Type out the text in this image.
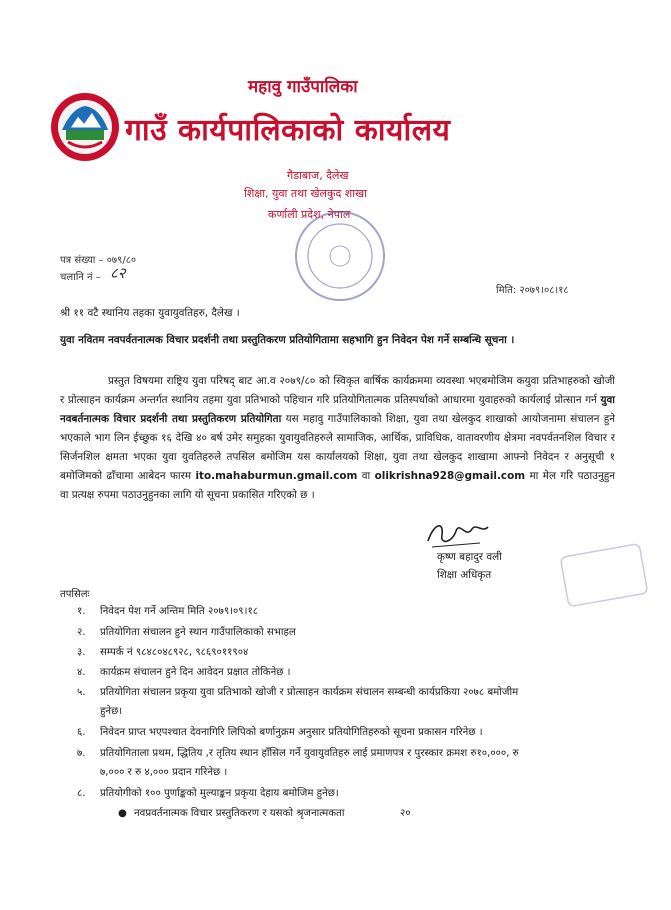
महावु गाउँपालिका
गाउँ कार्यपालिकाको कार्यालय
गैडाबाज, दैलेख
शिक्षा, युवा तथा खेलकुद शाखा
कर्णाली प्रदेश, नेपाल
पत्र संख्या – ०७९/८०
चलानि नं – ८२
मिति: २०७९।०८।१८
श्री ११ वटै स्थानिय तहका युवायुवतिहरु, दैलेख ।
युवा नवितम नवपर्वतनात्मक विचार प्रदर्शनी तथा प्रस्तुतिकरण प्रतियोगितामा सहभागि हुन निवेदन पेश गर्ने सम्बन्धि सूचना ।
प्रस्तुत विषयमा राष्ट्रिय युवा परिषद् बाट आ.व २०७९/८० को स्विकृत बार्षिक कार्यक्रममा व्यवस्था भएबमोजिम कयुवा प्रतिभाहरुको खोजी र प्रोत्साहन कार्यक्रम अन्तर्गत स्थानिय तहमा युवा प्रतिभाको पहिचान गरि प्रतियोगितात्मक प्रतिस्पर्धाको आधारमा युवाहरुको कार्यलाई प्रोत्सान गर्न युवा नवबर्तनात्मक विचार प्रदर्शनी तथा प्रस्तुतिकरण प्रतियोगिता यस महावु गाउँपालिकाको शिक्षा, युवा तथा खेलकुद शाखाको आयोजनामा संचालन हुने भएकाले भाग लिन ईच्छुक १६ देखि ४० बर्ष उमेर समुहका युवायुवतिहरुले सामाजिक, आर्थिक, प्राविधिक, वातावरणीय क्षेत्रमा नवपर्वतनशिल विचार र सिर्जनशिल क्षमता भएका युवा युवतिहरुले तपसिल बमोजिम यस कार्यालयको शिक्षा, युवा तथा खेलकुद शाखामा आफ्नो निवेदन र अनुसूची १ बमोजिमको ढाँचामा आबेदन फारम ito.mahaburmun.gmail.com वा olikrishna928@gmail.com मा मेल गरि पठाउनुहुन वा प्रत्यक्ष रुपमा पठाउनुहुनका लागि यो सूचना प्रकासित गरिएको छ ।
कृष्ण बहादुर वली
शिक्षा अधिकृत
तपसिलः
१. निवेदन पेश गर्ने अन्तिम मिति २०७९।०९।१८
२. प्रतियोगिता संचालन हुने स्थान गाउँपालिकाको सभाहल
३. सम्पर्क नं ९८४८०४८९२८, ९८६९०११९०४
४. कार्यक्रम संचालन हुने दिन आवेदन प्रक्षात तोकिनेछ ।
५. प्रतियोगिता संचालन प्रकृया युवा प्रतिभाको खोजी र प्रोत्साहन कार्यक्रम संचालन सम्बन्धी कार्यप्रकिया २०७८ बमोजीम
हुनेछ।
६. निवेदन प्राप्त भएपश्चात देवनागिरि लिपिको बर्णानुक्रम अनुसार प्रतियोगितिहरुको सूचना प्रकासन गरिनेछ ।
७. प्रतियोगिताला प्रथम, द्धितिय ,र तृतिय स्थान हाँसिल गर्ने युवायुवतिहरु लाई प्रमाणपत्र र पुरस्कार क्रमश रु१०,०००, रु
७,००० र रु ४,००० प्रदान गरिनेछ ।
८. प्रतियोगीको १०० पुर्णाङ्कको मुल्याङ्कन प्रकृया देहाय बमोजिम हुनेछ।
● नवप्रवर्तनात्मक विचार प्रस्तुतिकरण र यसको श्रृजनात्मकता	२०
